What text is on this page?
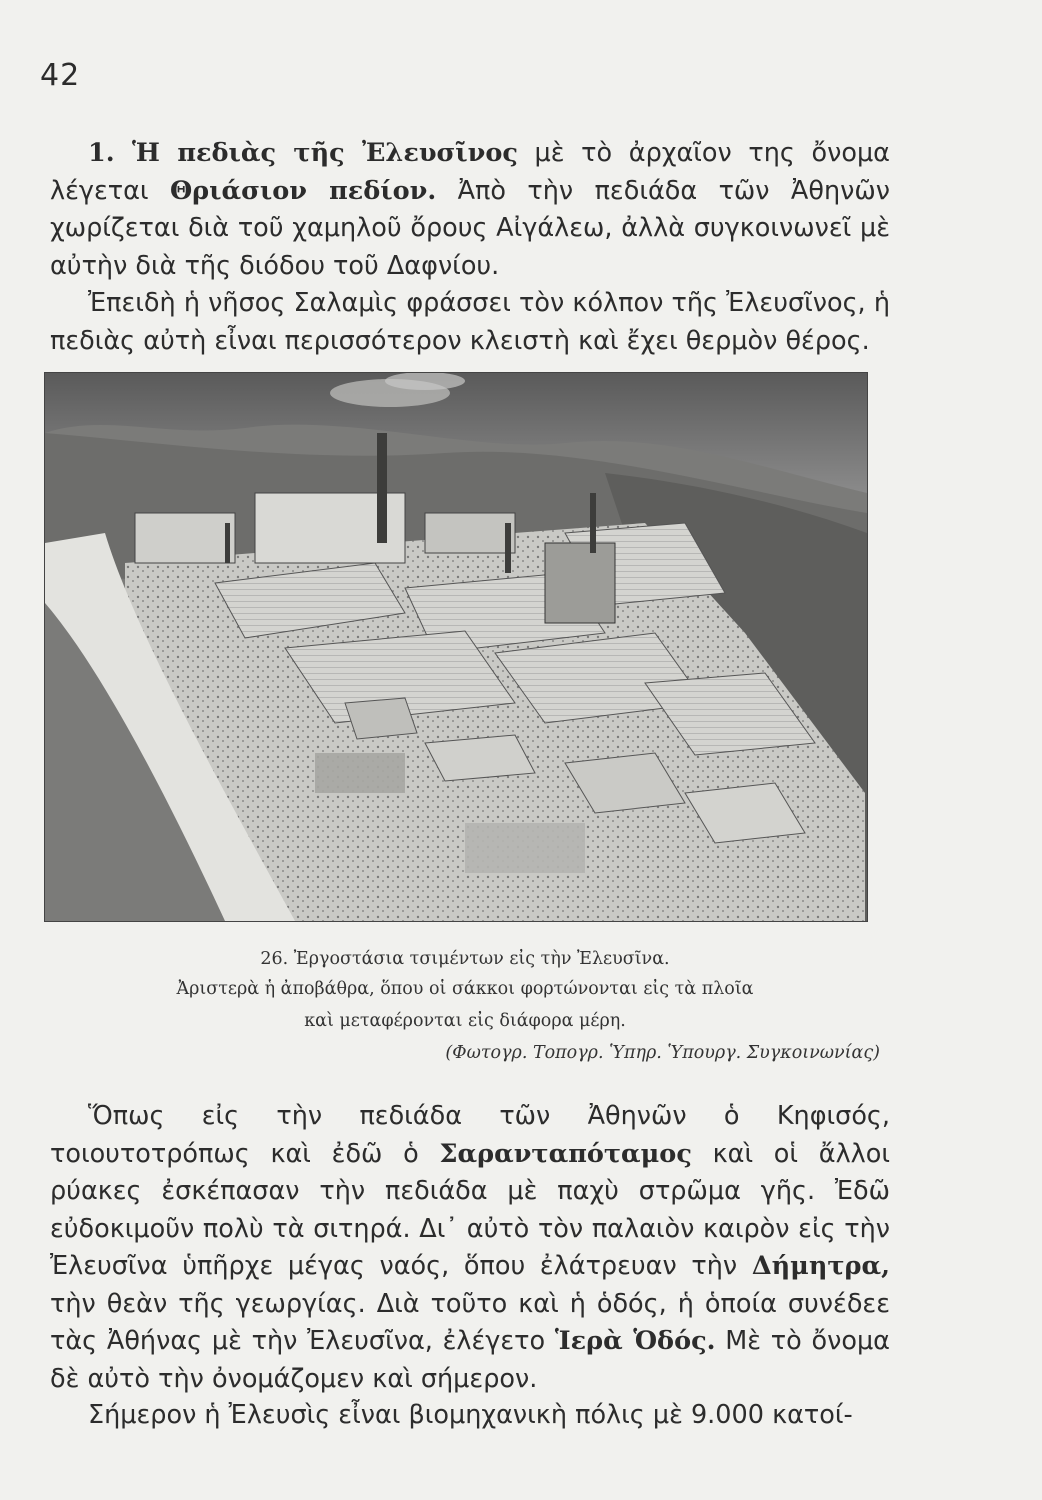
42

1. Ἡ πεδιὰς τῆς Ἐλευσῖνος μὲ τὸ ἀρχαῖον της ὄνομα λέγεται Θριάσιον πεδίον. Ἀπὸ τὴν πεδιάδα τῶν Ἀθηνῶν χωρίζεται διὰ τοῦ χαμηλοῦ ὄρους Αἰγάλεω, ἀλλὰ συγκοινωνεῖ μὲ αὐτὴν διὰ τῆς διόδου τοῦ Δαφνίου.

Ἐπειδὴ ἡ νῆσος Σαλαμὶς φράσσει τὸν κόλπον τῆς Ἐλευσῖνος, ἡ πεδιὰς αὐτὴ εἶναι περισσότερον κλειστὴ καὶ ἔχει θερμὸν θέρος.

26. Ἐργοστάσια τσιμέντων εἰς τὴν Ἐλευσῖνα.
Ἀριστερὰ ἡ ἀποβάθρα, ὅπου οἱ σάκκοι φορτώνονται εἰς τὰ πλοῖα
καὶ μεταφέρονται εἰς διάφορα μέρη.
(Φωτογρ. Τοπογρ. Ὑπηρ. Ὑπουργ. Συγκοινωνίας)

Ὅπως εἰς τὴν πεδιάδα τῶν Ἀθηνῶν ὁ Κηφισός, τοιουτοτρόπως καὶ ἐδῶ ὁ Σαρανταπόταμος καὶ οἱ ἄλλοι ρύακες ἐσκέπασαν τὴν πεδιάδα μὲ παχὺ στρῶμα γῆς. Ἐδῶ εὐδοκιμοῦν πολὺ τὰ σιτηρά. Δι᾽ αὐτὸ τὸν παλαιὸν καιρὸν εἰς τὴν Ἐλευσῖνα ὑπῆρχε μέγας ναός, ὅπου ἐλάτρευαν τὴν Δήμητρα, τὴν θεὰν τῆς γεωργίας. Διὰ τοῦτο καὶ ἡ ὁδός, ἡ ὁποία συνέδεε τὰς Ἀθήνας μὲ τὴν Ἐλευσῖνα, ἐλέγετο Ἱερὰ Ὁδός. Μὲ τὸ ὄνομα δὲ αὐτὸ τὴν ὀνομάζομεν καὶ σήμερον.

Σήμερον ἡ Ἐλευσὶς εἶναι βιομηχανικὴ πόλις μὲ 9.000 κατοί-
